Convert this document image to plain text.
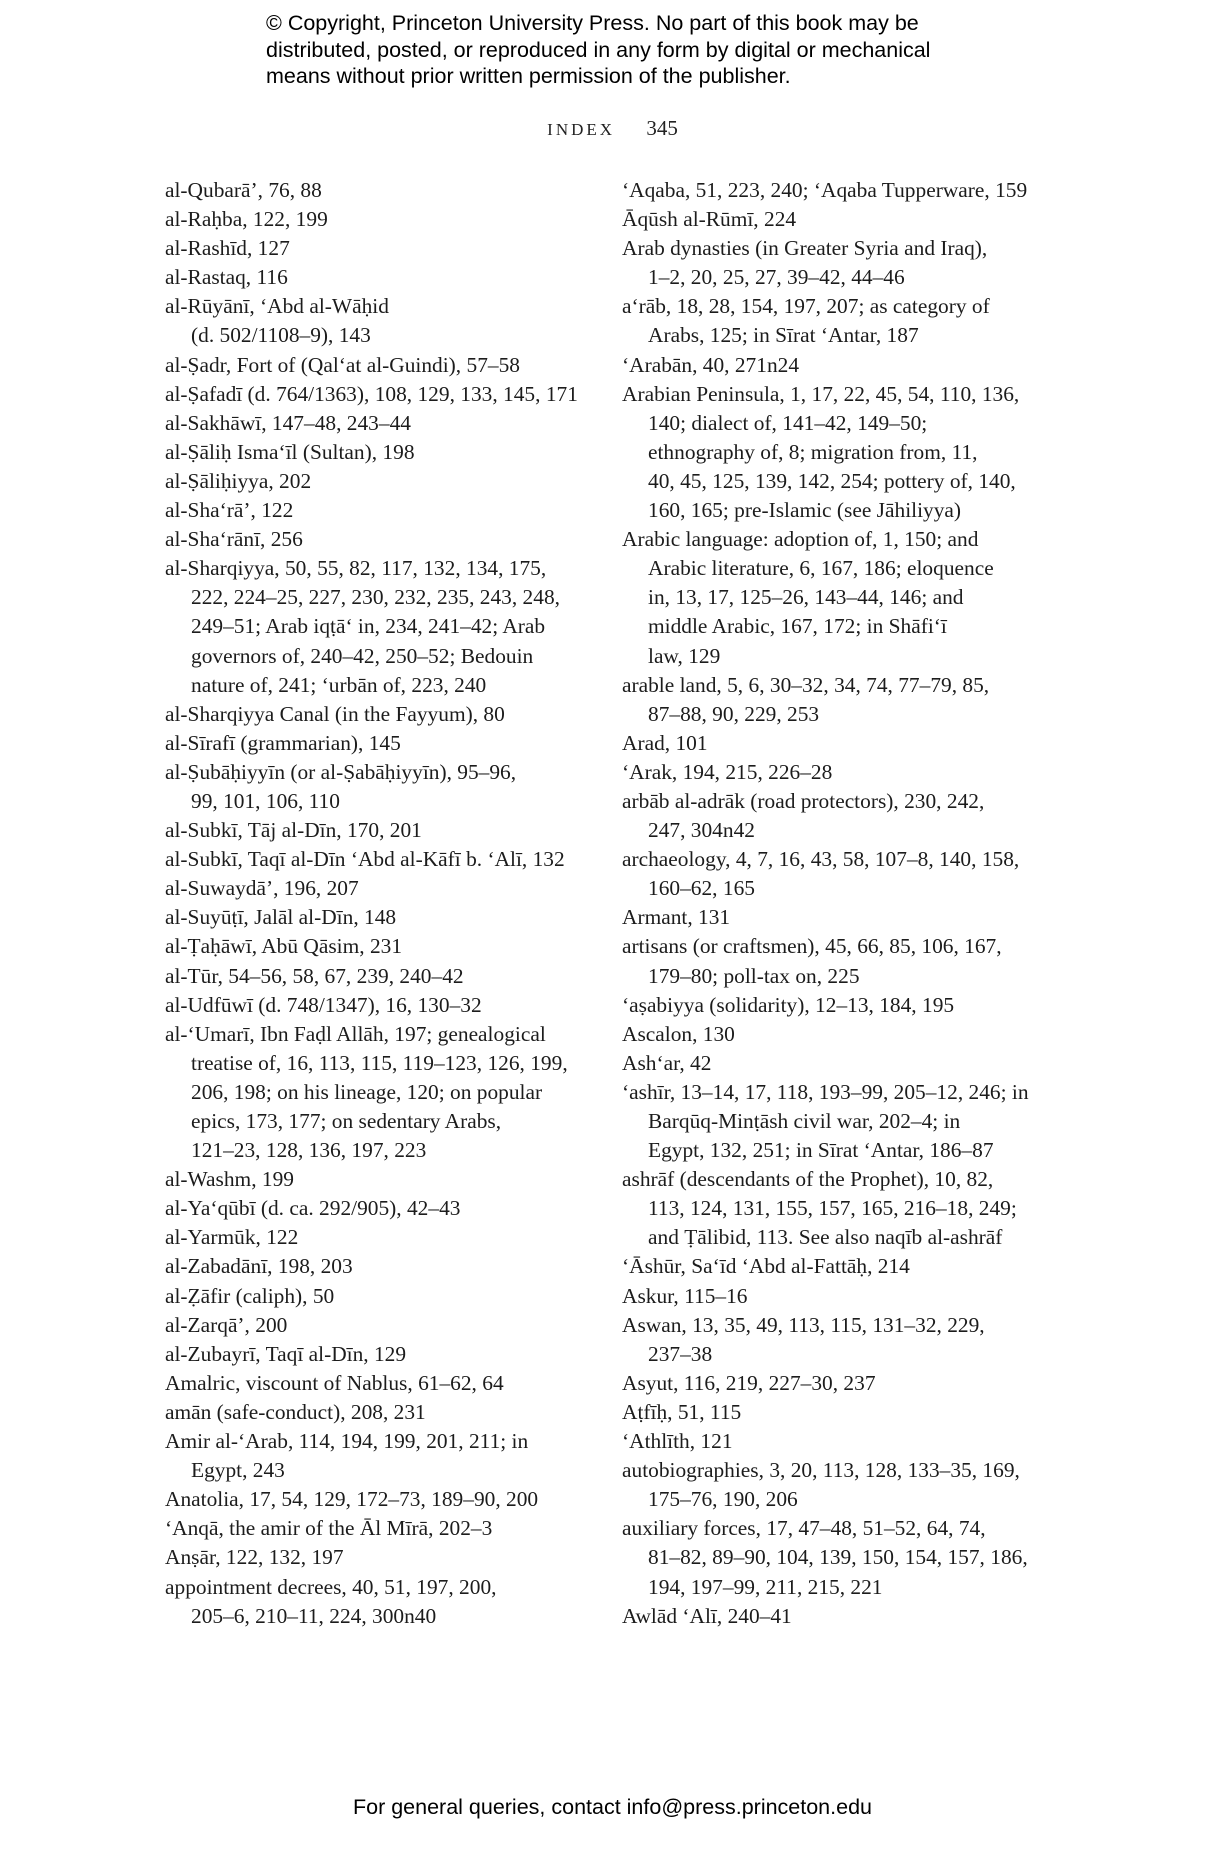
© Copyright, Princeton University Press. No part of this book may be
distributed, posted, or reproduced in any form by digital or mechanical
means without prior written permission of the publisher.
INDEX 345
al-Qubarā’, 76, 88
al-Raḥba, 122, 199
al-Rashīd, 127
al-Rastaq, 116
al-Rūyānī, ‘Abd al-Wāḥid
(d. 502/1108–9), 143
al-Ṣadr, Fort of (Qal‘at al-Guindi), 57–58
al-Ṣafadī (d. 764/1363), 108, 129, 133, 145, 171
al-Sakhāwī, 147–48, 243–44
al-Ṣāliḥ Isma‘īl (Sultan), 198
al-Ṣāliḥiyya, 202
al-Sha‘rā’, 122
al-Sha‘rānī, 256
al-Sharqiyya, 50, 55, 82, 117, 132, 134, 175,
222, 224–25, 227, 230, 232, 235, 243, 248,
249–51; Arab iqṭā‘ in, 234, 241–42; Arab
governors of, 240–42, 250–52; Bedouin
nature of, 241; ‘urbān of, 223, 240
al-Sharqiyya Canal (in the Fayyum), 80
al-Sīrafī (grammarian), 145
al-Ṣubāḥiyyīn (or al-Ṣabāḥiyyīn), 95–96,
99, 101, 106, 110
al-Subkī, Tāj al-Dīn, 170, 201
al-Subkī, Taqī al-Dīn ‘Abd al-Kāfī b. ‘Alī, 132
al-Suwaydā’, 196, 207
al-Suyūṭī, Jalāl al-Dīn, 148
al-Ṭaḥāwī, Abū Qāsim, 231
al-Tūr, 54–56, 58, 67, 239, 240–42
al-Udfūwī (d. 748/1347), 16, 130–32
al-‘Umarī, Ibn Faḍl Allāh, 197; genealogical
treatise of, 16, 113, 115, 119–123, 126, 199,
206, 198; on his lineage, 120; on popular
epics, 173, 177; on sedentary Arabs,
121–23, 128, 136, 197, 223
al-Washm, 199
al-Ya‘qūbī (d. ca. 292/905), 42–43
al-Yarmūk, 122
al-Zabadānī, 198, 203
al-Ẓāfir (caliph), 50
al-Zarqā’, 200
al-Zubayrī, Taqī al-Dīn, 129
Amalric, viscount of Nablus, 61–62, 64
amān (safe-conduct), 208, 231
Amir al-‘Arab, 114, 194, 199, 201, 211; in
Egypt, 243
Anatolia, 17, 54, 129, 172–73, 189–90, 200
‘Anqā, the amir of the Āl Mīrā, 202–3
Anṣār, 122, 132, 197
appointment decrees, 40, 51, 197, 200,
205–6, 210–11, 224, 300n40
‘Aqaba, 51, 223, 240; ‘Aqaba Tupperware, 159
Āqūsh al-Rūmī, 224
Arab dynasties (in Greater Syria and Iraq),
1–2, 20, 25, 27, 39–42, 44–46
a‘rāb, 18, 28, 154, 197, 207; as category of
Arabs, 125; in Sīrat ‘Antar, 187
‘Arabān, 40, 271n24
Arabian Peninsula, 1, 17, 22, 45, 54, 110, 136,
140; dialect of, 141–42, 149–50;
ethnography of, 8; migration from, 11,
40, 45, 125, 139, 142, 254; pottery of, 140,
160, 165; pre-Islamic (see Jāhiliyya)
Arabic language: adoption of, 1, 150; and
Arabic literature, 6, 167, 186; eloquence
in, 13, 17, 125–26, 143–44, 146; and
middle Arabic, 167, 172; in Shāfi‘ī
law, 129
arable land, 5, 6, 30–32, 34, 74, 77–79, 85,
87–88, 90, 229, 253
Arad, 101
‘Arak, 194, 215, 226–28
arbāb al-adrāk (road protectors), 230, 242,
247, 304n42
archaeology, 4, 7, 16, 43, 58, 107–8, 140, 158,
160–62, 165
Armant, 131
artisans (or craftsmen), 45, 66, 85, 106, 167,
179–80; poll-tax on, 225
‘aṣabiyya (solidarity), 12–13, 184, 195
Ascalon, 130
Ash‘ar, 42
‘ashīr, 13–14, 17, 118, 193–99, 205–12, 246; in
Barqūq-Minṭāsh civil war, 202–4; in
Egypt, 132, 251; in Sīrat ‘Antar, 186–87
ashrāf (descendants of the Prophet), 10, 82,
113, 124, 131, 155, 157, 165, 216–18, 249;
and Ṭālibid, 113. See also naqīb al-ashrāf
‘Āshūr, Sa‘īd ‘Abd al-Fattāḥ, 214
Askur, 115–16
Aswan, 13, 35, 49, 113, 115, 131–32, 229,
237–38
Asyut, 116, 219, 227–30, 237
Aṭfīḥ, 51, 115
‘Athlīth, 121
autobiographies, 3, 20, 113, 128, 133–35, 169,
175–76, 190, 206
auxiliary forces, 17, 47–48, 51–52, 64, 74,
81–82, 89–90, 104, 139, 150, 154, 157, 186,
194, 197–99, 211, 215, 221
Awlād ‘Alī, 240–41
For general queries, contact info@press.princeton.edu
